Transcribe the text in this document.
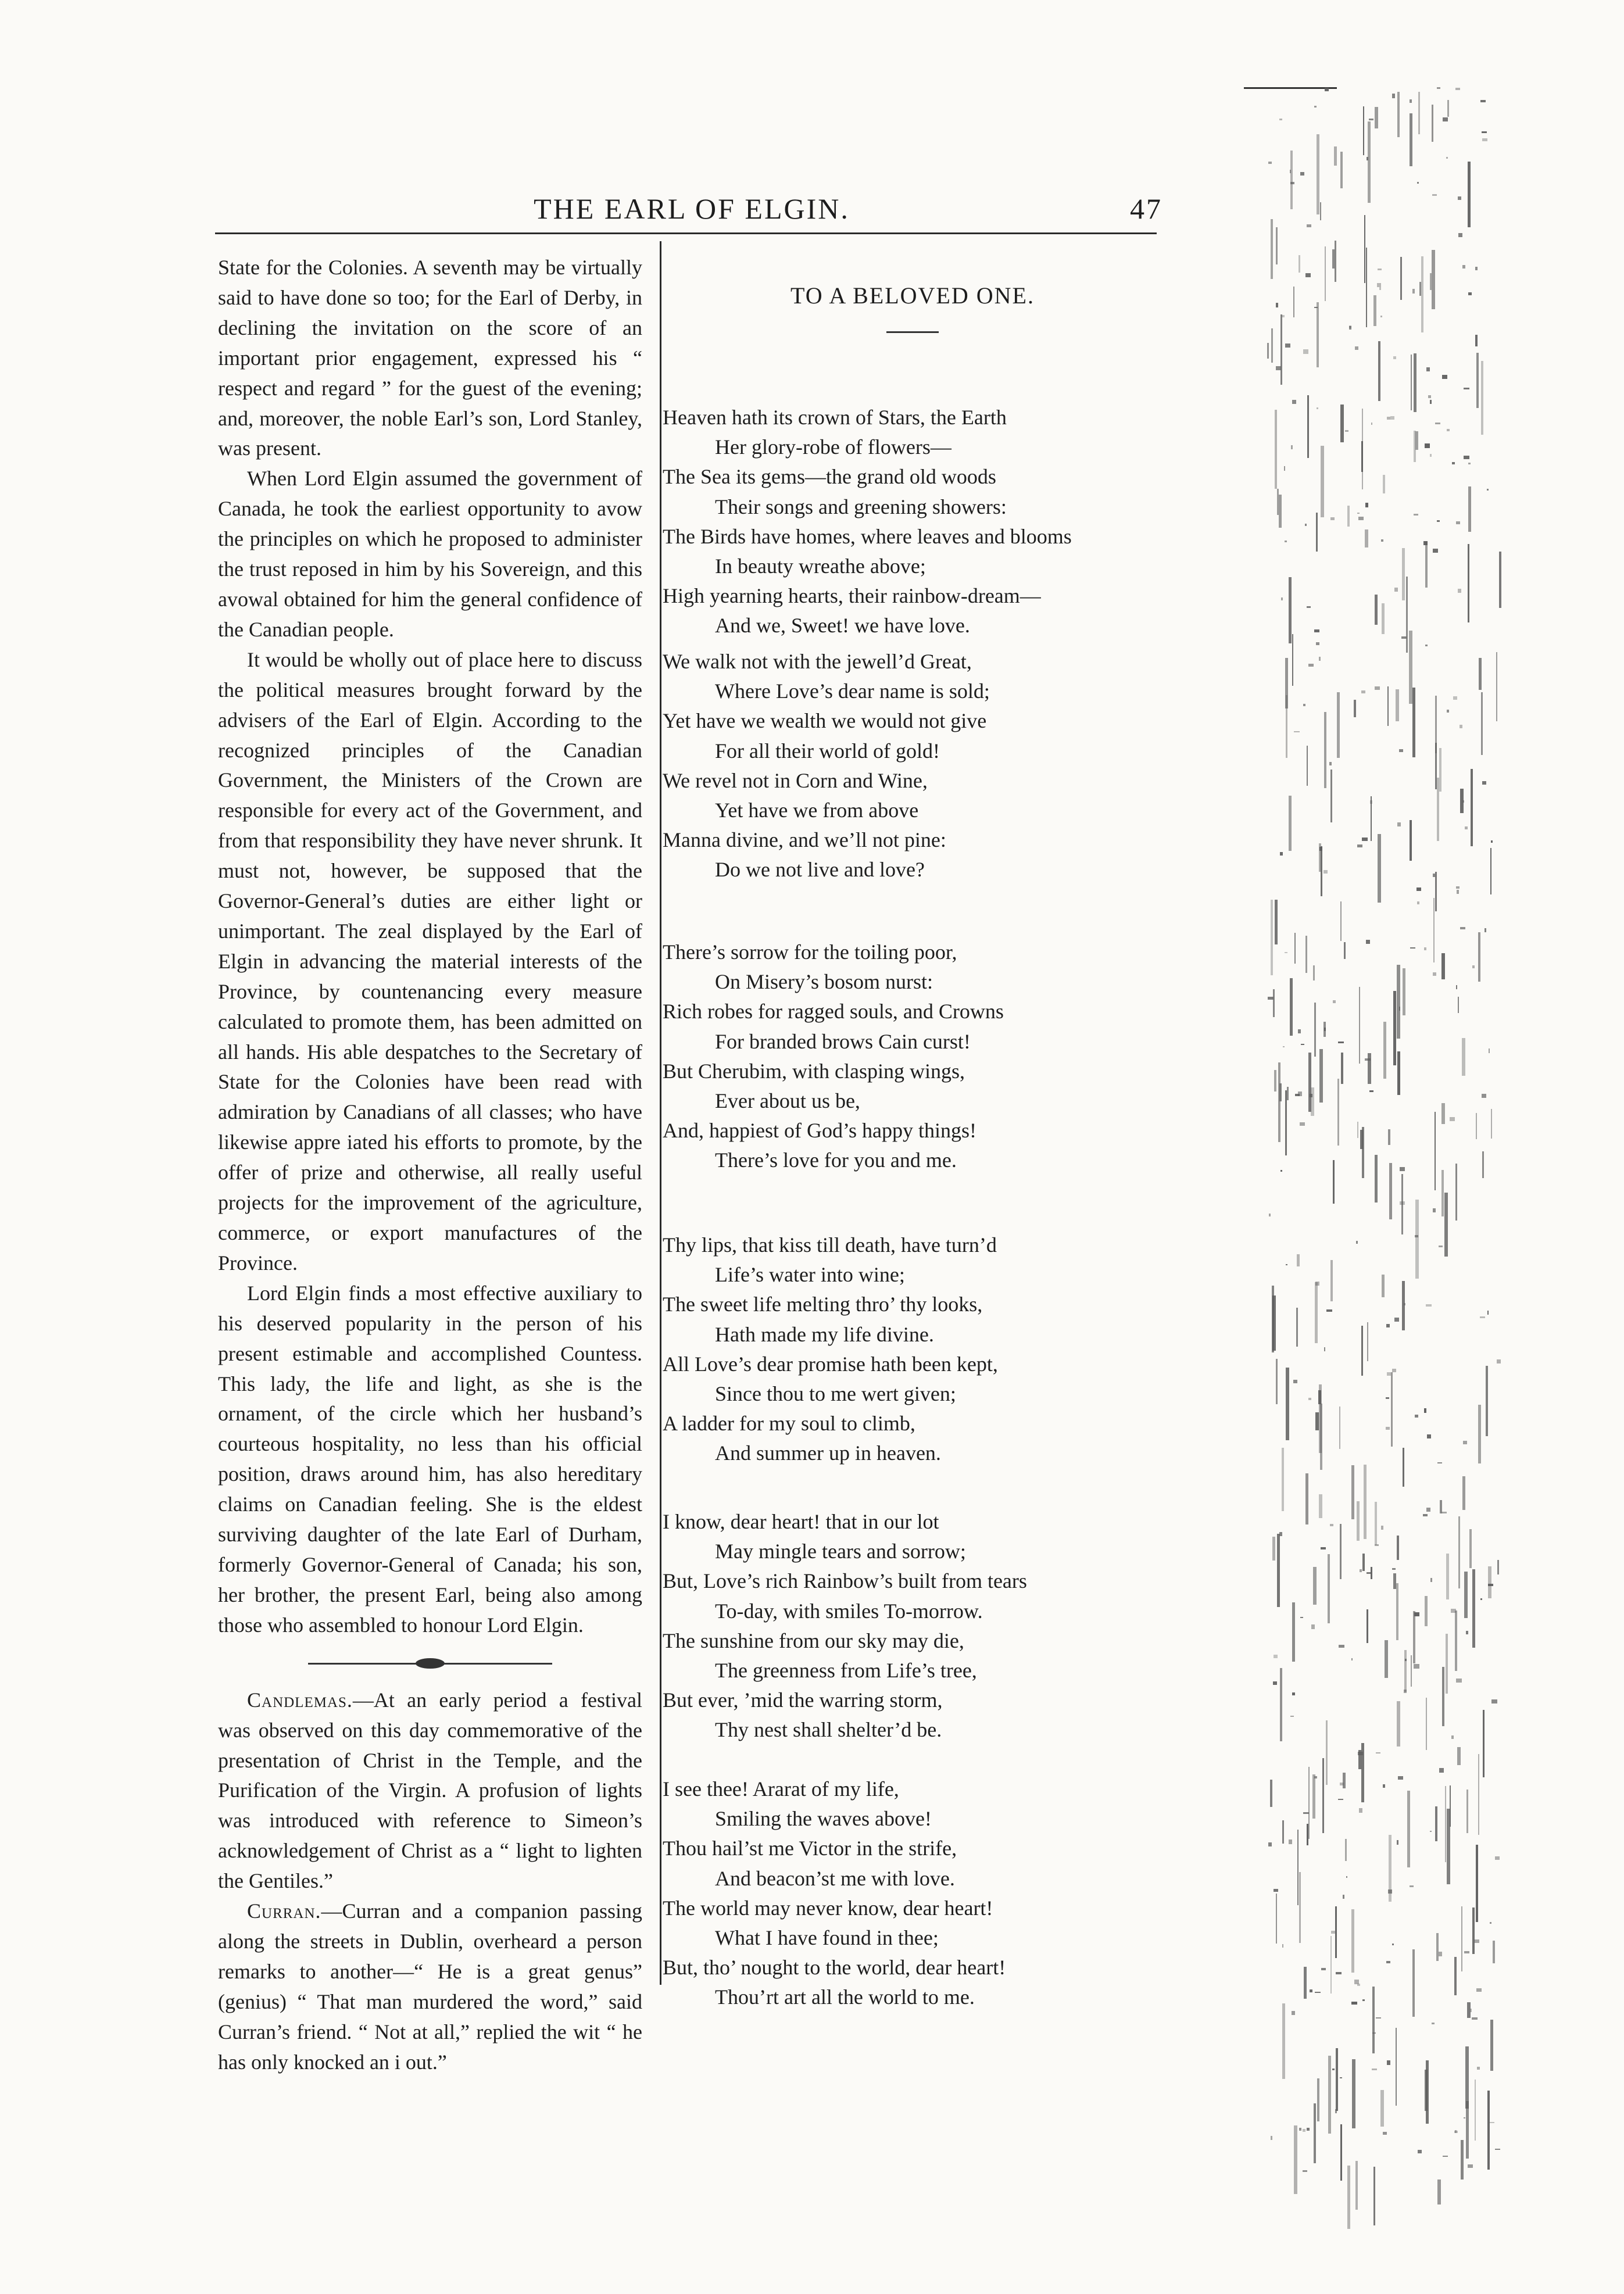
THE EARL OF ELGIN.	47

State for the Colonies. A seventh may be virtually said to have done so too; for the Earl of Derby, in declining the invitation on the score of an important prior engagement, expressed his “ respect and regard ” for the guest of the evening; and, moreover, the noble Earl’s son, Lord Stanley, was present.

When Lord Elgin assumed the government of Canada, he took the earliest opportunity to avow the principles on which he proposed to administer the trust reposed in him by his Sovereign, and this avowal obtained for him the general confidence of the Canadian people.

It would be wholly out of place here to discuss the political measures brought forward by the advisers of the Earl of Elgin. According to the recognized principles of the Canadian Government, the Ministers of the Crown are responsible for every act of the Government, and from that responsibility they have never shrunk. It must not, however, be supposed that the Governor-General’s duties are either light or unimportant. The zeal displayed by the Earl of Elgin in advancing the material interests of the Province, by countenancing every measure calculated to promote them, has been admitted on all hands. His able despatches to the Secretary of State for the Colonies have been read with admiration by Canadians of all classes; who have likewise appre iated his efforts to promote, by the offer of prize and otherwise, all really useful projects for the improvement of the agriculture, commerce, or export manufactures of the Province.

Lord Elgin finds a most effective auxiliary to his deserved popularity in the person of his present estimable and accomplished Countess. This lady, the life and light, as she is the ornament, of the circle which her husband’s courteous hospitality, no less than his official position, draws around him, has also hereditary claims on Canadian feeling. She is the eldest surviving daughter of the late Earl of Durham, formerly Governor-General of Canada; his son, her brother, the present Earl, being also among those who assembled to honour Lord Elgin.

Candlemas.—At an early period a festival was observed on this day commemorative of the presentation of Christ in the Temple, and the Purification of the Virgin. A profusion of lights was introduced with reference to Simeon’s acknowledgement of Christ as a “ light to lighten the Gentiles.”

Curran.—Curran and a companion passing along the streets in Dublin, overheard a person remarks to another—“ He is a great genus” (genius) “ That man murdered the word,” said Curran’s friend. “ Not at all,” replied the wit “ he has only knocked an i out.”

TO A BELOVED ONE.
Heaven hath its crown of Stars, the Earth
Her glory-robe of flowers—
The Sea its gems—the grand old woods
Their songs and greening showers:
The Birds have homes, where leaves and blooms
In beauty wreathe above;
High yearning hearts, their rainbow-dream—
And we, Sweet! we have love.
We walk not with the jewell’d Great,
Where Love’s dear name is sold;
Yet have we wealth we would not give
For all their world of gold!
We revel not in Corn and Wine,
Yet have we from above
Manna divine, and we’ll not pine:
Do we not live and love?
There’s sorrow for the toiling poor,
On Misery’s bosom nurst:
Rich robes for ragged souls, and Crowns
For branded brows Cain curst!
But Cherubim, with clasping wings,
Ever about us be,
And, happiest of God’s happy things!
There’s love for you and me.
Thy lips, that kiss till death, have turn’d
Life’s water into wine;
The sweet life melting thro’ thy looks,
Hath made my life divine.
All Love’s dear promise hath been kept,
Since thou to me wert given;
A ladder for my soul to climb,
And summer up in heaven.
I know, dear heart! that in our lot
May mingle tears and sorrow;
But, Love’s rich Rainbow’s built from tears
To-day, with smiles To-morrow.
The sunshine from our sky may die,
The greenness from Life’s tree,
But ever, ’mid the warring storm,
Thy nest shall shelter’d be.
I see thee! Ararat of my life,
Smiling the waves above!
Thou hail’st me Victor in the strife,
And beacon’st me with love.
The world may never know, dear heart!
What I have found in thee;
But, tho’ nought to the world, dear heart!
Thou’rt art all the world to me.
